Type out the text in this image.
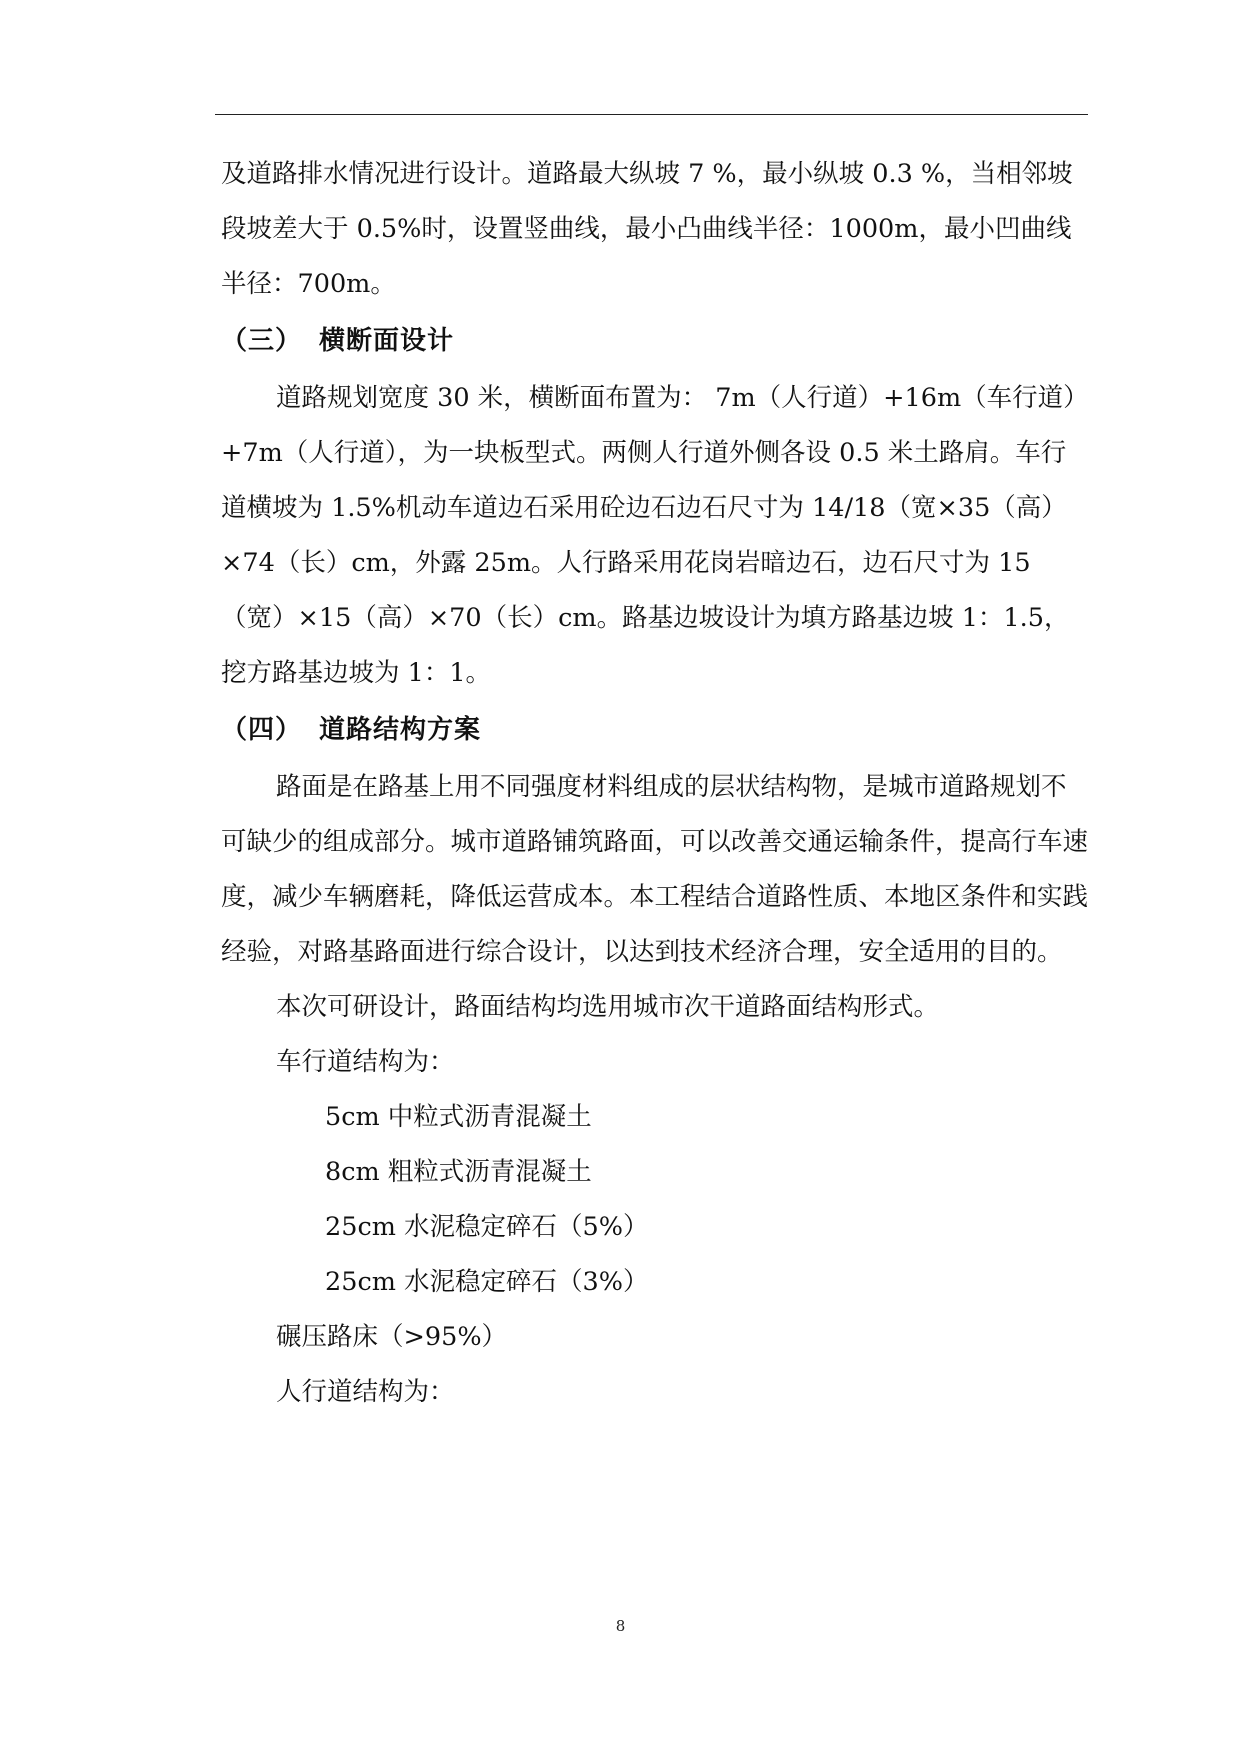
及道路排水情况进行设计。道路最大纵坡 7 %，最小纵坡 0.3 %，当相邻坡段坡差大于 0.5%时，设置竖曲线，最小凸曲线半径：1000m，最小凹曲线半径：700m。

（三） 横断面设计

道路规划宽度 30 米，横断面布置为： 7m（人行道）+16m（车行道）+7m（人行道），为一块板型式。两侧人行道外侧各设 0.5 米土路肩。车行道横坡为 1.5%机动车道边石采用砼边石边石尺寸为 14/18（宽×35（高）×74（长）cm，外露 25m。人行路采用花岗岩暗边石，边石尺寸为 15（宽）×15（高）×70（长）cm。路基边坡设计为填方路基边坡 1：1.5，挖方路基边坡为 1：1。

（四） 道路结构方案

路面是在路基上用不同强度材料组成的层状结构物，是城市道路规划不可缺少的组成部分。城市道路铺筑路面，可以改善交通运输条件，提高行车速度，减少车辆磨耗，降低运营成本。本工程结合道路性质、本地区条件和实践经验，对路基路面进行综合设计，以达到技术经济合理，安全适用的目的。

本次可研设计，路面结构均选用城市次干道路面结构形式。

车行道结构为：

5cm 中粒式沥青混凝土

8cm 粗粒式沥青混凝土

25cm 水泥稳定碎石（5%）

25cm 水泥稳定碎石（3%）

碾压路床（>95%）

人行道结构为：

8
